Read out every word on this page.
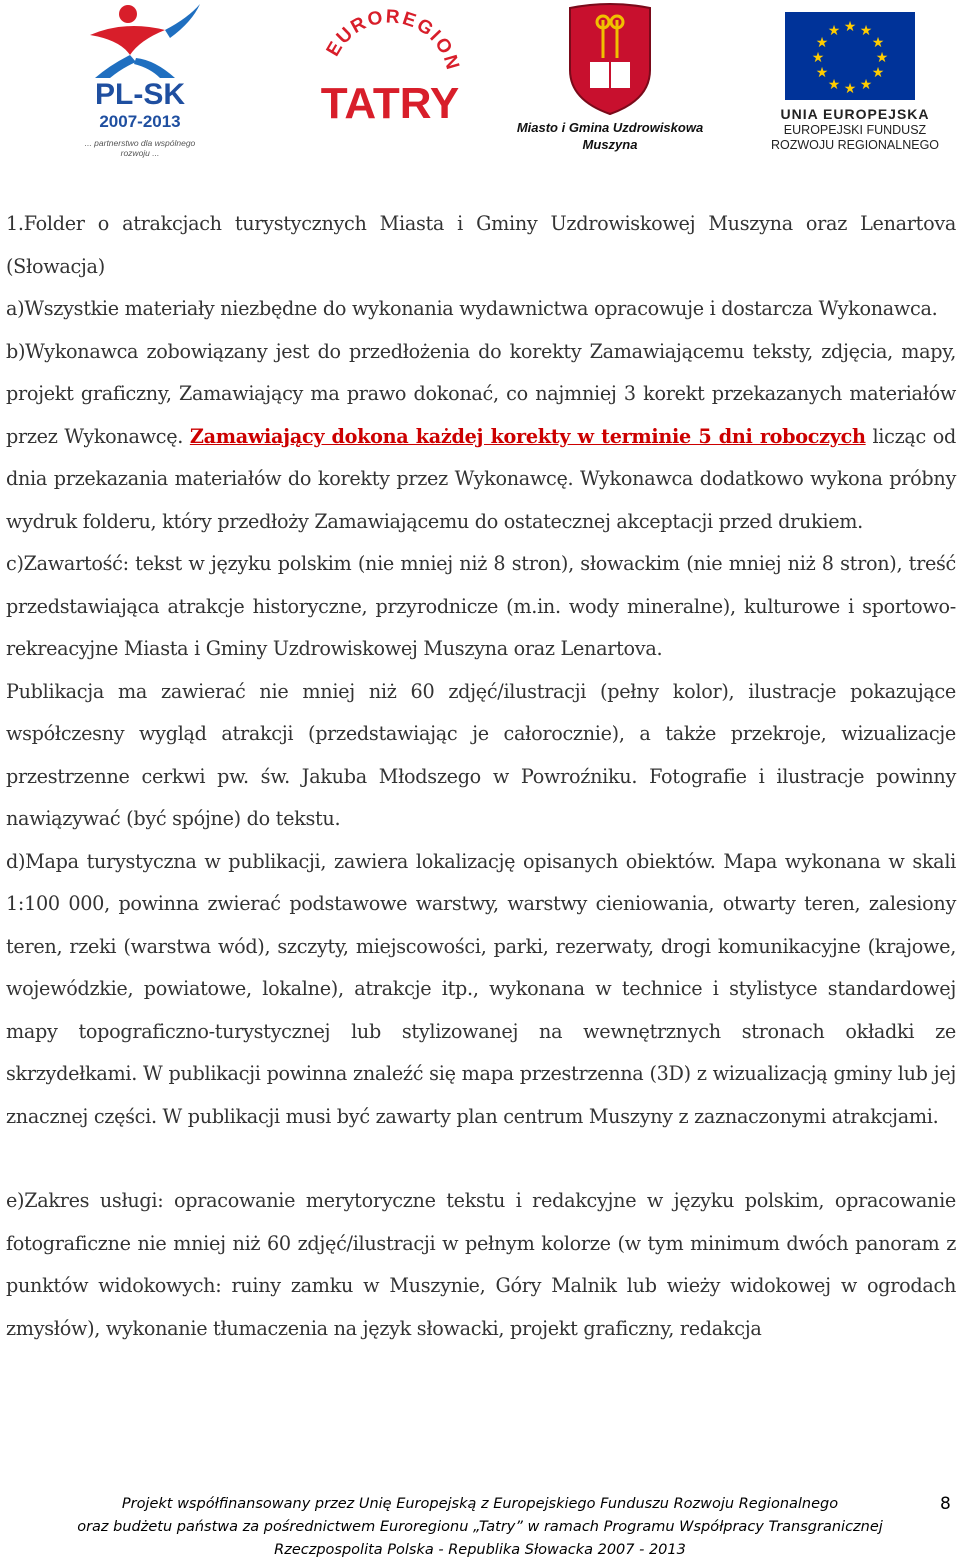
PL-SK
2007-2013
... partnerstwo dla wspólnego rozwoju ...
EUROREGION
TATRY	Miasto i Gmina Uzdrowiskowa
Muszyna
★ ★
★
★
★
★
★
★
★
★
★
★
UNIA EUROPEJSKA
EUROPEJSKI FUNDUSZ
ROZWOJU REGIONALNEGO

1.Folder o atrakcjach turystycznych Miasta i Gminy Uzdrowiskowej Muszyna oraz Lenartova (Słowacja)

a)Wszystkie materiały niezbędne do wykonania wydawnictwa opracowuje i dostarcza Wykonawca.

b)Wykonawca zobowiązany jest do przedłożenia do korekty Zamawiającemu teksty, zdjęcia, mapy, projekt graficzny, Zamawiający ma prawo dokonać, co najmniej 3 korekt przekazanych materiałów przez Wykonawcę. Zamawiający dokona każdej korekty w terminie 5 dni roboczych licząc od dnia przekazania materiałów do korekty przez Wykonawcę. Wykonawca dodatkowo wykona próbny wydruk folderu, który przedłoży Zamawiającemu do ostatecznej akceptacji przed drukiem.

c)Zawartość: tekst w języku polskim (nie mniej niż 8 stron), słowackim (nie mniej niż 8 stron), treść przedstawiająca atrakcje historyczne, przyrodnicze (m.in. wody mineralne), kulturowe i sportowo-rekreacyjne Miasta i Gminy Uzdrowiskowej Muszyna oraz Lenartova.

Publikacja ma zawierać nie mniej niż 60 zdjęć/ilustracji (pełny kolor), ilustracje pokazujące współczesny wygląd atrakcji (przedstawiając je całorocznie), a także przekroje, wizualizacje przestrzenne cerkwi pw. św. Jakuba Młodszego w Powroźniku. Fotografie i ilustracje powinny nawiązywać (być spójne) do tekstu.

d)Mapa turystyczna w publikacji, zawiera lokalizację opisanych obiektów. Mapa wykonana w skali 1:100 000, powinna zwierać podstawowe warstwy, warstwy cieniowania, otwarty teren, zalesiony teren, rzeki (warstwa wód), szczyty, miejscowości, parki, rezerwaty, drogi komunikacyjne (krajowe, wojewódzkie, powiatowe, lokalne), atrakcje itp., wykonana w technice i stylistyce standardowej mapy topograficzno-turystycznej lub stylizowanej na wewnętrznych stronach okładki ze skrzydełkami. W publikacji powinna znaleźć się mapa przestrzenna (3D) z wizualizacją gminy lub jej znacznej części. W publikacji musi być zawarty plan centrum Muszyny z zaznaczonymi atrakcjami.

e)Zakres usługi: opracowanie merytoryczne tekstu i redakcyjne w języku polskim, opracowanie fotograficzne nie mniej niż 60 zdjęć/ilustracji w pełnym kolorze (w tym minimum dwóch panoram z punktów widokowych: ruiny zamku w Muszynie, Góry Malnik lub wieży widokowej w ogrodach zmysłów), wykonanie tłumaczenia na język słowacki, projekt graficzny, redakcja

Projekt współfinansowany przez Unię Europejską z Europejskiego Funduszu Rozwoju Regionalnego
oraz budżetu państwa za pośrednictwem Euroregionu „Tatry” w ramach Programu Współpracy Transgranicznej
Rzeczpospolita Polska - Republika Słowacka 2007 - 2013
8
